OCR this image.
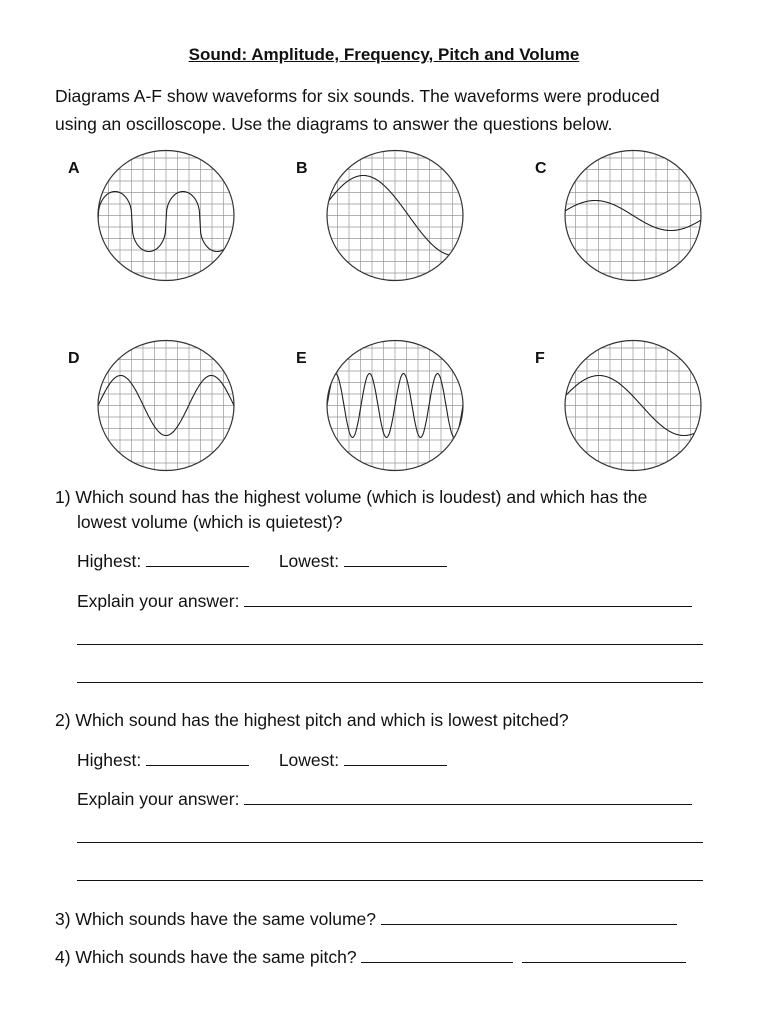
Sound: Amplitude, Frequency, Pitch and Volume
Diagrams A-F show waveforms for six sounds. The waveforms were produced
using an oscilloscope. Use the diagrams to answer the questions below.
A	B	C
D	E	F
1) Which sound has the highest volume (which is loudest) and which has the
lowest volume (which is quietest)?
Highest:	Lowest:
Explain your answer:
2) Which sound has the highest pitch and which is lowest pitched?
Highest:	Lowest:
Explain your answer:
3) Which sounds have the same volume?
4) Which sounds have the same pitch?
